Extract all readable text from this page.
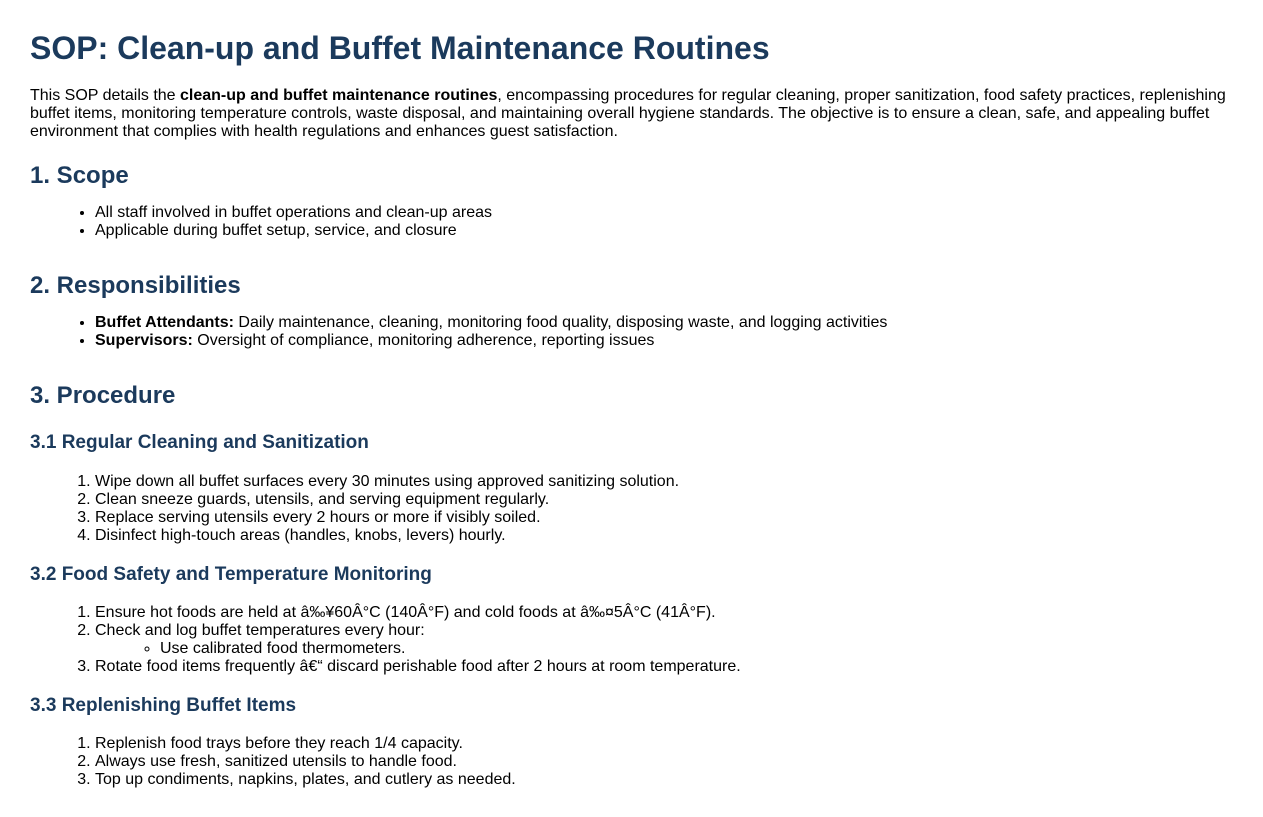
SOP: Clean-up and Buffet Maintenance Routines

This SOP details the clean-up and buffet maintenance routines, encompassing procedures for regular cleaning, proper sanitization, food safety practices, replenishing buffet items, monitoring temperature controls, waste disposal, and maintaining overall hygiene standards. The objective is to ensure a clean, safe, and appealing buffet environment that complies with health regulations and enhances guest satisfaction.

1. Scope
• All staff involved in buffet operations and clean-up areas
• Applicable during buffet setup, service, and closure
2. Responsibilities
• Buffet Attendants: Daily maintenance, cleaning, monitoring food quality, disposing waste, and logging activities
• Supervisors: Oversight of compliance, monitoring adherence, reporting issues
3. Procedure
3.1 Regular Cleaning and Sanitization
1. Wipe down all buffet surfaces every 30 minutes using approved sanitizing solution.
2. Clean sneeze guards, utensils, and serving equipment regularly.
3. Replace serving utensils every 2 hours or more if visibly soiled.
4. Disinfect high-touch areas (handles, knobs, levers) hourly.
3.2 Food Safety and Temperature Monitoring
1. Ensure hot foods are held at â‰¥60Â°C (140Â°F) and cold foods at â‰¤5Â°C (41Â°F).
2. Check and log buffet temperatures every hour:
◦ Use calibrated food thermometers.
3. Rotate food items frequently â€“ discard perishable food after 2 hours at room temperature.
3.3 Replenishing Buffet Items
1. Replenish food trays before they reach 1/4 capacity.
2. Always use fresh, sanitized utensils to handle food.
3. Top up condiments, napkins, plates, and cutlery as needed.
